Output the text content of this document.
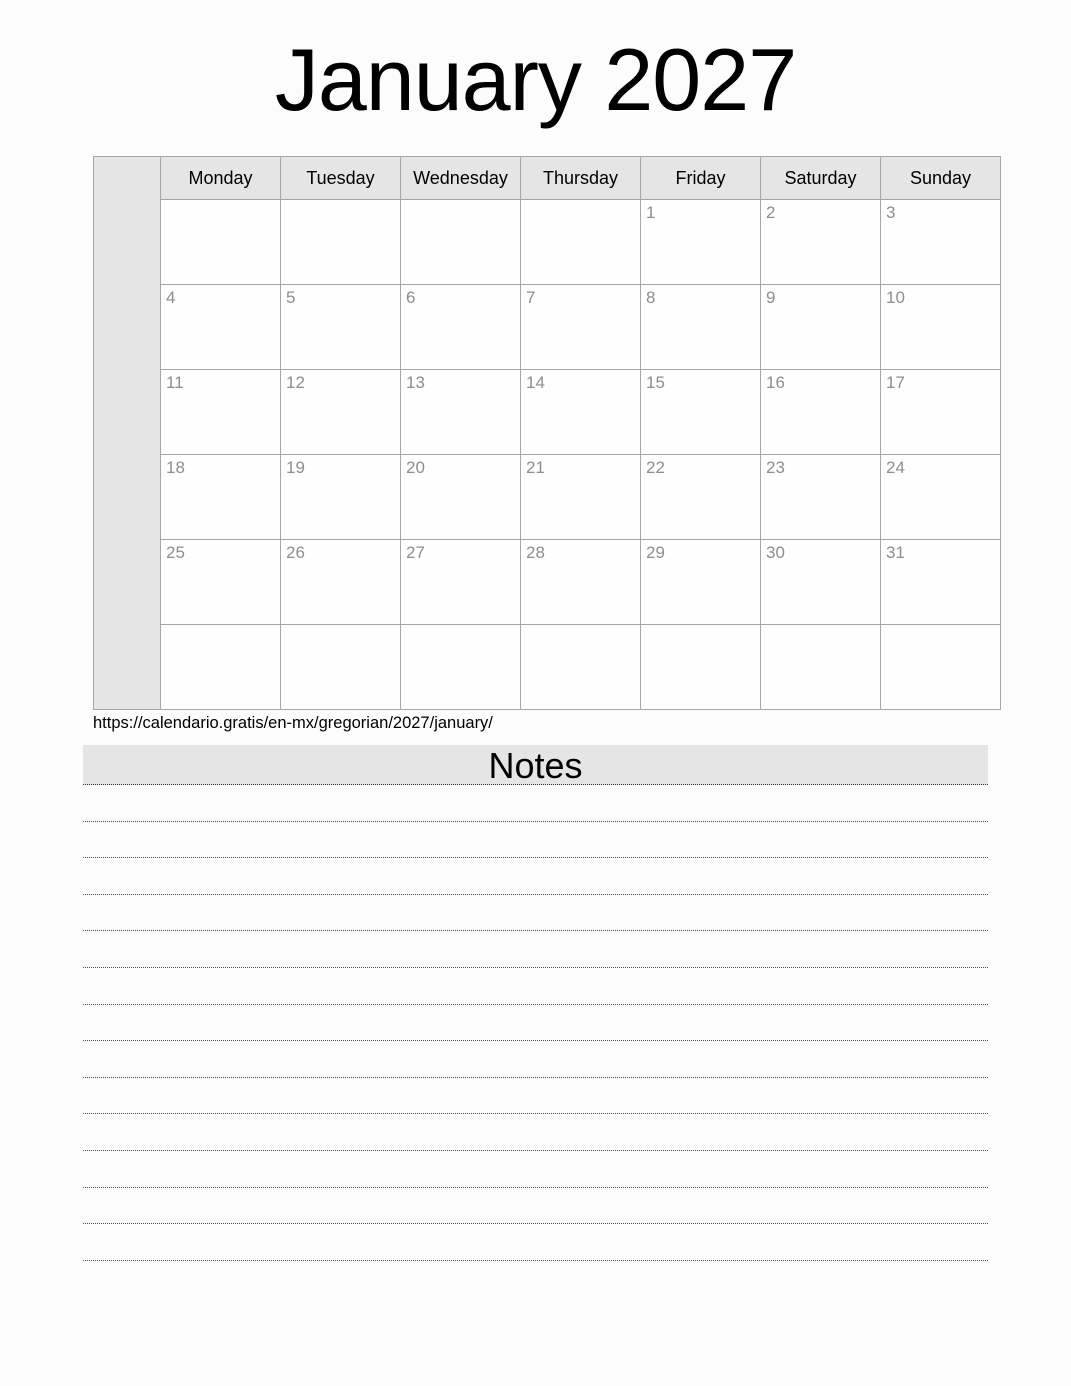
January 2027
	Monday	Tuesday	Wednesday	Thursday	Friday	Saturday	Sunday
					1	2	3
	4	5	6	7	8	9	10
	11	12	13	14	15	16	17
	18	19	20	21	22	23	24
	25	26	27	28	29	30	31

https://calendario.gratis/en-mx/gregorian/2027/january/
Notes
